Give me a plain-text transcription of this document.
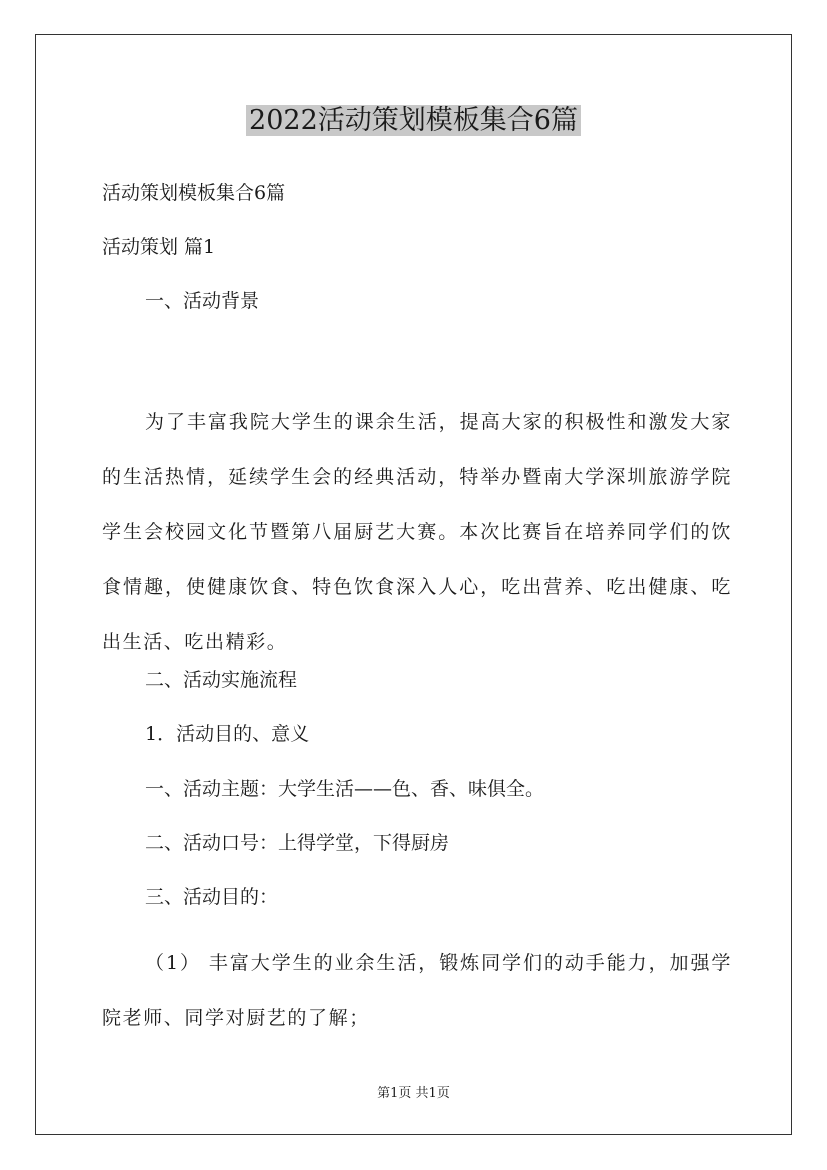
2022活动策划模板集合6篇
活动策划模板集合6篇
活动策划 篇1
一、活动背景
为了丰富我院大学生的课余生活，提高大家的积极性和激发大家的生活热情，延续学生会的经典活动，特举办暨南大学深圳旅游学院学生会校园文化节暨第八届厨艺大赛。本次比赛旨在培养同学们的饮食情趣，使健康饮食、特色饮食深入人心，吃出营养、吃出健康、吃出生活、吃出精彩。
二、活动实施流程
1．活动目的、意义
一、活动主题：大学生活——色、香、味俱全。
二、活动口号：上得学堂，下得厨房
三、活动目的：
（1） 丰富大学生的业余生活，锻炼同学们的动手能力，加强学院老师、同学对厨艺的了解；
第1页 共1页
